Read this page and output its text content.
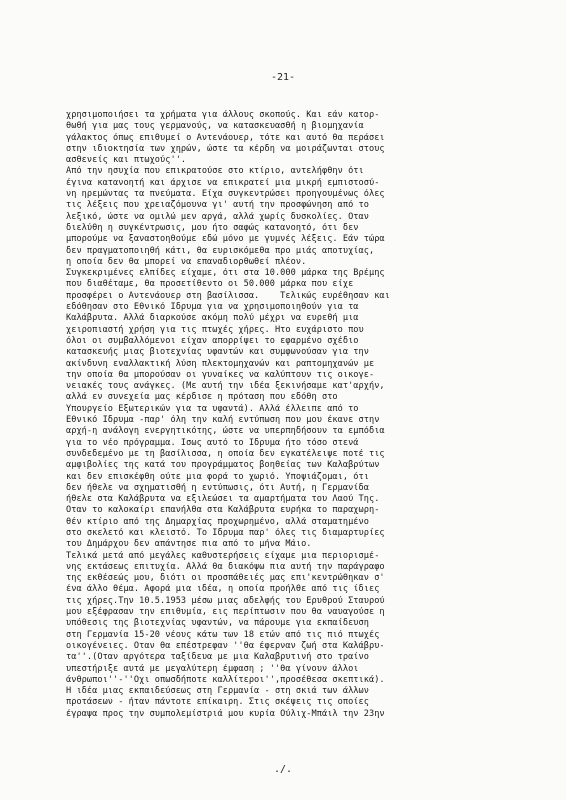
-21-
χρησιμοποιήσει τα χρήματα για άλλους σκοπούς. Και εάν κατορ-
θωθή για μας τους γερμανούς, να κατασκευασθή η βιομηχανία
γάλακτος όπως επιθυμεί ο Αντενάουερ, τότε και αυτό θα περάσει
στην ιδιοκτησία των χηρών, ώστε τα κέρδη να μοιράζωνται στους
ασθενείς και πτωχούς''.
Από την ησυχία που επικρατούσε στο κτίριο, αντελήφθην ότι
έγινα κατανοητή και άρχισε να επικρατεί μια μικρή εμπιστοσύ-
νη ηρεμώντας τα πνεύματα. Είχα συγκεντρώσει προηγουμένως όλες
τις λέξεις που χρειαζόμουνα γι' αυτή την προσφώνηση από το
λεξικό, ώστε να ομιλώ μεν αργά, αλλά χωρίς δυσκολίες. Οταν
διελύθη η συγκέντρωσις, μου ήτο σαφώς κατανοητό, ότι δεν
μπορούμε να ξαναστοηθούμε εδώ μόνο με γυμνές λέξεις. Εάν τώρα
δεν πραγματοποιηθή κάτι, θα ευρισκόμεθα προ μιάς αποτυχίας,
η οποία δεν θα μπορεί να επαναδιορθωθεί πλέον.
Συγκεκριμένες ελπίδες είχαμε, ότι στα 10.000 μάρκα της Βρέμης
που διαθέταμε, θα προσετίθεντο οι 50.000 μάρκα που είχε
προσφέρει ο Αντενάουερ στη βασίλισσα.    Τελικώς ευρέθησαν και
εδόθησαν στο Εθνικό Ιδρυμα για να χρησιμοποιηθούν για τα
Καλάβρυτα. Αλλά διαρκούσε ακόμη πολύ μέχρι να ευρεθή μια
χειροπιαστή χρήση για τις πτωχές χήρες. Ητο ευχάριστο που
όλοι οι συμβαλλόμενοι είχαν απορρίψει το εφαρμένο σχέδιο
κατασκευής μιας βιοτεχνίας υφαντών και συμφωνούσαν για την
ακίνδυνη εναλλακτική λύση πλεκτομηχανών και ραπτομηχανών με
την οποία θα μπορούσαν οι γυναίκες να καλύπτουν τις οικογε-
νειακές τους ανάγκες. (Με αυτή την ιδέα ξεκινήσαμε κατ'αρχήν,
αλλά εν συνεχεία μας κέρδισε η πρόταση που εδόθη στο
Υπουργείο Εξωτερικών για τα υφαντά). Αλλά έλλειπε από το
Εθνικό Ιδρυμα -παρ' όλη την καλή εντύπωση που μου έκανε στην
αρχή-η ανάλογη ενεργητικότης, ώστε να υπερπηδήσουν τα εμπόδια
για το νέο πρόγραμμα. Ισως αυτό το Ιδρυμα ήτο τόσο στενά
συνδεδεμένο με τη βασίλισσα, η οποία δεν εγκατέλειψε ποτέ τις
αμφιβολίες της κατά του προγράμματος βοηθείας των Καλαβρύτων
και δεν επισκέφθη ούτε μια φορά το χωριό. Υποψιάζομαι, ότι
δεν ήθελε να σχηματισθή η εντύπωσις, ότι Αυτή, η Γερμανίδα
ήθελε στα Καλάβρυτα να εξιλεώσει τα αμαρτήματα του Λαού Της.
Οταν το καλοκαίρι επανήλθα στα Καλάβρυτα ευρήκα το παραχωρη-
θέν κτίριο από της Δημαρχίας προχωρημένο, αλλά σταματημένο
στο σκελετό και κλειστό. Το Ιδρυμα παρ' όλες τις διαμαρτυρίες
του Δημάρχου δεν απάντησε πια από το μήνα Μάιο.
Τελικά μετά από μεγάλες καθυστερήσεις είχαμε μια περιορισμέ-
νης εκτάσεως επιτυχία. Αλλά θα διακόψω πια αυτή την παράγραφο
της εκθέσεώς μου, διότι οι προσπάθειές μας επι'κεντρώθηκαν σ'
ένα άλλο θέμα. Αφορά μια ιδέα, η οποία προήλθε από τις ίδιες
τις χήρες.Την 10.5.1953 μέσω μιας αδελφής του Ερυθρού Σταυρού
μου εξέφρασαν την επιθυμία, εις περίπτωσιν που θα ναυαγούσε η
υπόθεσις της βιοτεχνίας υφαντών, να πάρουμε για εκπαίδευση
στη Γερμανία 15-20 νέους κάτω των 18 ετών από τις πιό πτωχές
οικογένειες. Οταν θα επέστρεφαν ''θα έφερναν ζωή στα Καλάβρυ-
τα''.(Οταν αργότερα ταξίδευα με μια Καλαβρυτινή στο τραίνο
υπεστήριξε αυτά με μεγαλύτερη έμφαση ; ''θα γίνουν άλλοι
άνθρωποι''-''Οχι οπωσδήποτε καλλίτεροι'',προσέθεσα σκεπτικά).
Η ιδέα μιας εκπαιδεύσεως στη Γερμανία - στη σκιά των άλλων
προτάσεων - ήταν πάντοτε επίκαιρη. Στις σκέψεις τις οποίες
έγραψα προς την συμπολεμίστριά μου κυρία Ούλιχ-Μπάιλ την 23ην
./.
